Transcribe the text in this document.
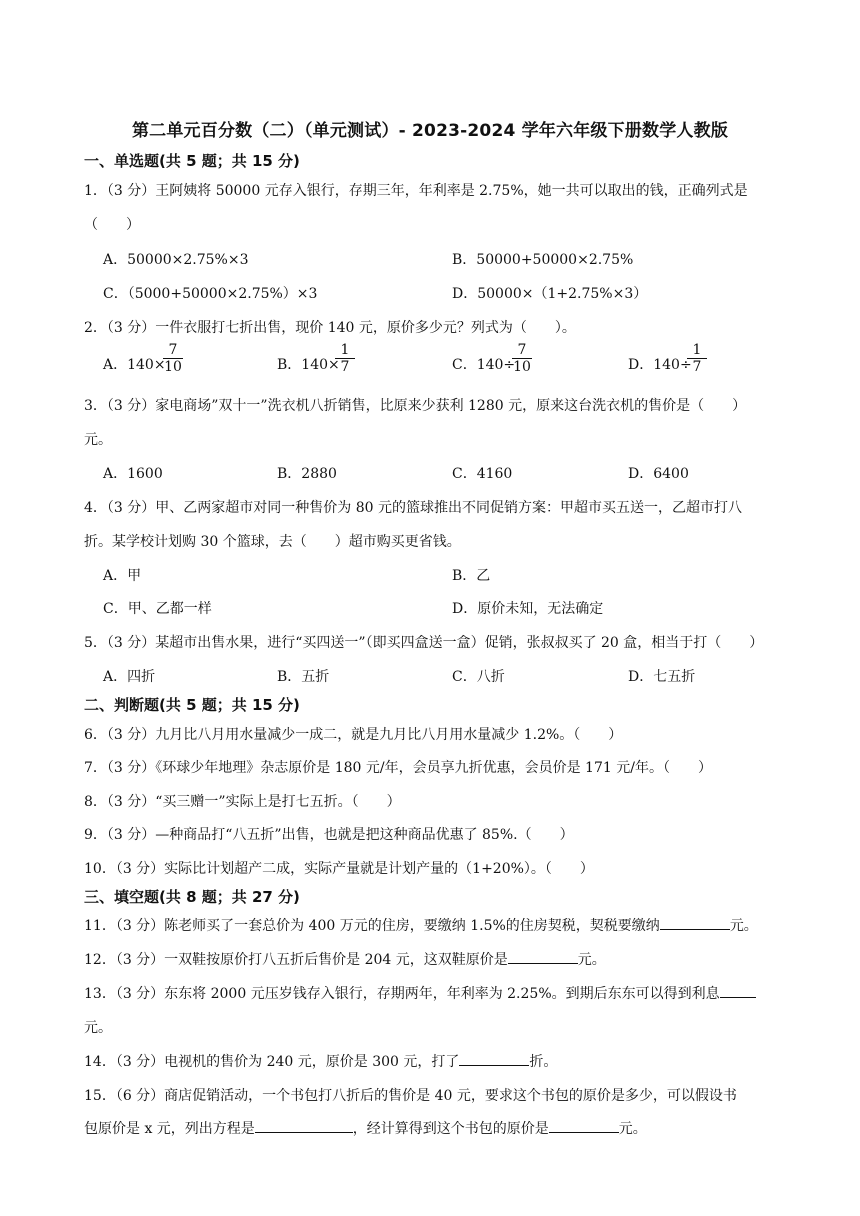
第二单元百分数（二）（单元测试）- 2023-2024 学年六年级下册数学人教版
一、单选题(共 5 题；共 15 分)
1．（3 分）王阿姨将 50000 元存入银行，存期三年，年利率是 2.75%，她一共可以取出的钱，正确列式是
（　　）
A．50000×2.75%×3	B．50000+50000×2.75%
C．（5000+50000×2.75%）×3	D．50000×（1+2.75%×3）
2．（3 分）一件衣服打七折出售，现价 140 元，原价多少元？列式为（　　）。
A．140×
$\frac{7}{10}$	B．140×
$\frac{1}{7}$	C．140÷
$\frac{7}{10}$	D．140÷
$\frac{1}{7}$
3．（3 分）家电商场”双十一”洗衣机八折销售，比原来少获利 1280 元，原来这台洗衣机的售价是（　　）
元。
A．1600	B．2880	C．4160	D．6400
4．（3 分）甲、乙两家超市对同一种售价为 80 元的篮球推出不同促销方案：甲超市买五送一，乙超市打八
折。某学校计划购 30 个篮球，去（　　）超市购买更省钱。
A．甲	B．乙
C．甲、乙都一样	D．原价未知，无法确定
5．（3 分）某超市出售水果，进行“买四送一”（即买四盒送一盒）促销，张叔叔买了 20 盒，相当于打（　　）
A．四折	B．五折	C．八折	D．七五折
二、判断题(共 5 题；共 15 分)
6．（3 分）九月比八月用水量减少一成二，就是九月比八月用水量减少 1.2%。（　　）
7．（3 分）《环球少年地理》杂志原价是 180 元/年，会员享九折优惠，会员价是 171 元/年。（　　）
8．（3 分）“买三赠一”实际上是打七五折。（　　）
9．（3 分）—种商品打“八五折”出售，也就是把这种商品优惠了 85%.（　　）
10．（3 分）实际比计划超产二成，实际产量就是计划产量的（1+20%）。（　　）
三、填空题(共 8 题；共 27 分)
11．（3 分）陈老师买了一套总价为 400 万元的住房，要缴纳 1.5%的住房契税，契税要缴纳	元。
12．（3 分）一双鞋按原价打八五折后售价是 204 元，这双鞋原价是	元。
13．（3 分）东东将 2000 元压岁钱存入银行，存期两年，年利率为 2.25%。到期后东东可以得到利息
元。
14．（3 分）电视机的售价为 240 元，原价是 300 元，打了	折。
15．（6 分）商店促销活动，一个书包打八折后的售价是 40 元，要求这个书包的原价是多少，可以假设书
包原价是 x 元，列出方程是	，经计算得到这个书包的原价是	元。
